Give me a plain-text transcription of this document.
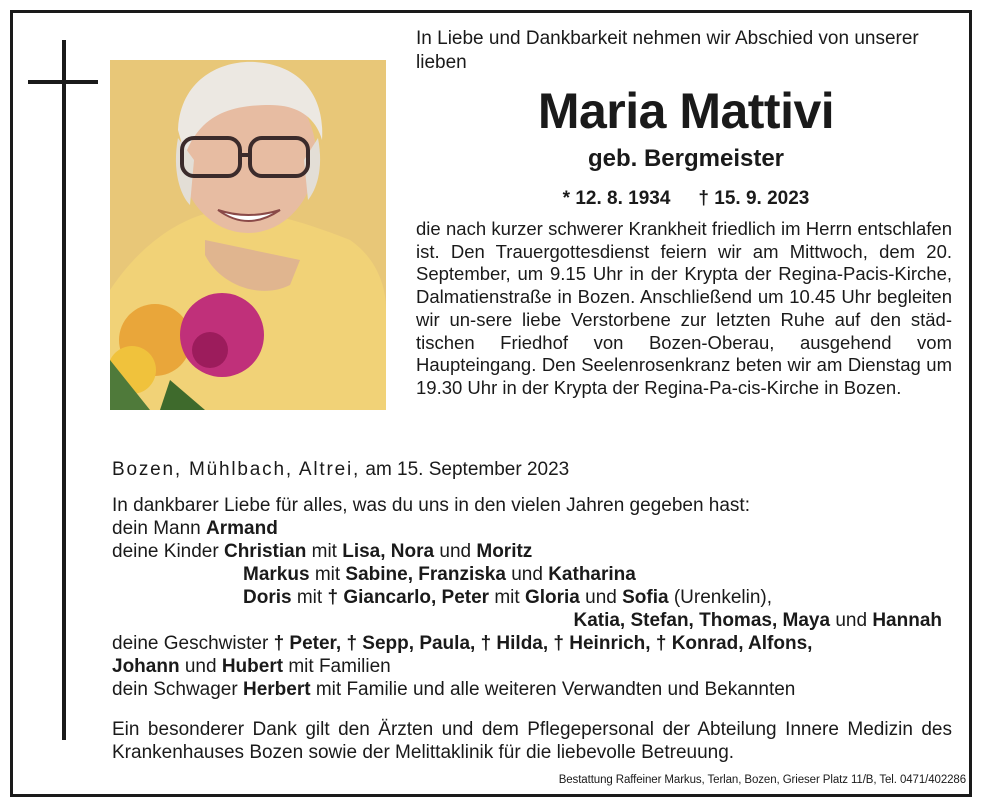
In Liebe und Dankbarkeit nehmen wir Abschied von unserer lieben
Maria Mattivi
geb. Bergmeister
* 12. 8. 1934 † 15. 9. 2023
die nach kurzer schwerer Krankheit friedlich im Herrn entschlafen ist. Den Trauergottesdienst feiern wir am Mittwoch, dem 20. September, um 9.15 Uhr in der Krypta der Regina-Pacis-Kirche, Dalmatienstraße in Bozen. Anschließend um 10.45 Uhr begleiten wir un-sere liebe Verstorbene zur letzten Ruhe auf den städ-tischen Friedhof von Bozen-Oberau, ausgehend vom Haupteingang. Den Seelenrosenkranz beten wir am Dienstag um 19.30 Uhr in der Krypta der Regina-Pa-cis-Kirche in Bozen.
Bozen, Mühlbach, Altrei, am 15. September 2023
In dankbarer Liebe für alles, was du uns in den vielen Jahren gegeben hast:
dein Mann Armand
deine Kinder Christian mit Lisa, Nora und Moritz
Markus mit Sabine, Franziska und Katharina
Doris mit † Giancarlo, Peter mit Gloria und Sofia (Urenkelin),
Katia, Stefan, Thomas, Maya und Hannah
deine Geschwister † Peter, † Sepp, Paula, † Hilda, † Heinrich, † Konrad, Alfons,
Johann und Hubert mit Familien
dein Schwager Herbert mit Familie und alle weiteren Verwandten und Bekannten
Ein besonderer Dank gilt den Ärzten und dem Pflegepersonal der Abteilung Innere Medizin des Krankenhauses Bozen sowie der Melittaklinik für die liebevolle Betreuung.
Bestattung Raffeiner Markus, Terlan, Bozen, Grieser Platz 11/B, Tel. 0471/402286
